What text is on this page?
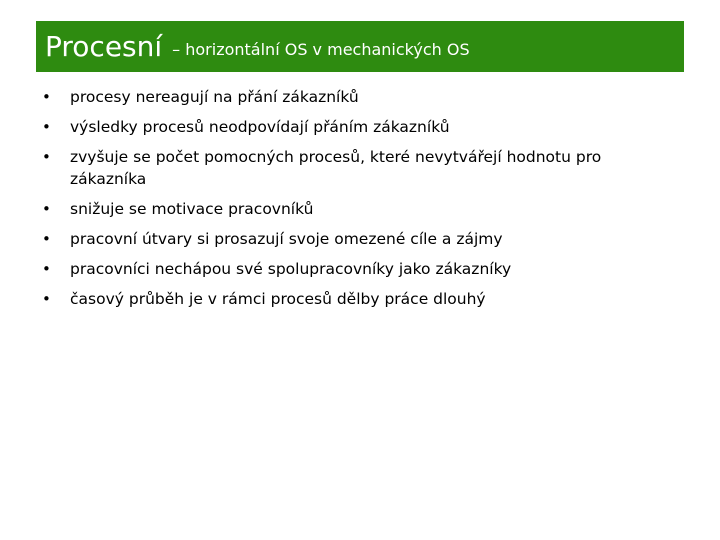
Procesní – horizontální OS v mechanických OS
• procesy nereagují na přání zákazníků
• výsledky procesů neodpovídají přáním zákazníků
• zvyšuje se počet pomocných procesů, které nevytvářejí hodnotu pro zákazníka
• snižuje se motivace pracovníků
• pracovní útvary si prosazují svoje omezené cíle a zájmy
• pracovníci nechápou své spolupracovníky jako zákazníky
• časový průběh je v rámci procesů dělby práce dlouhý
